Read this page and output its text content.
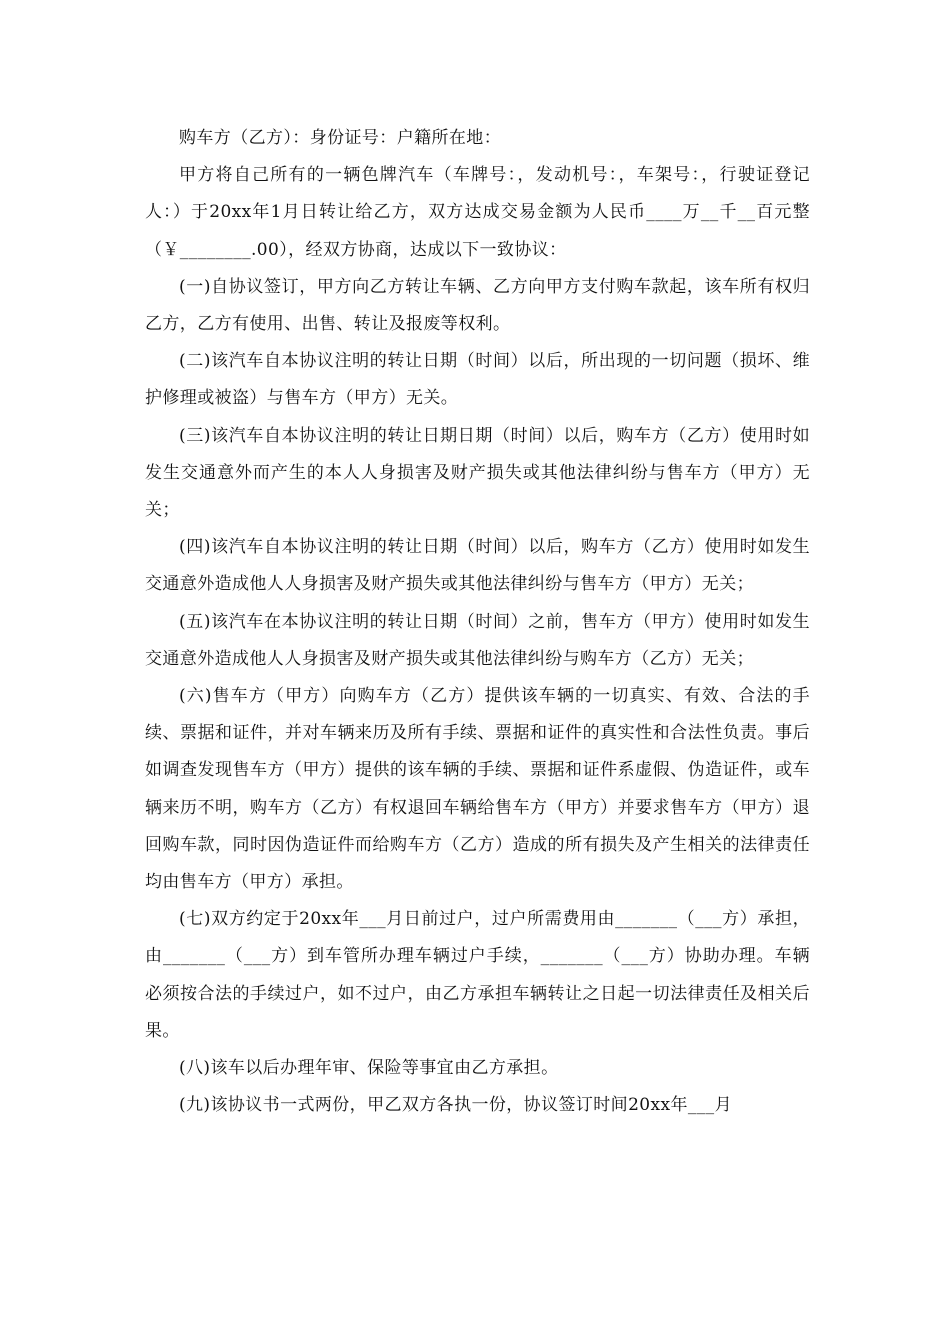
购车方（乙方）：身份证号：户籍所在地：

甲方将自己所有的一辆色牌汽车（车牌号：，发动机号：，车架号：，行驶证登记人：）于20xx年1月日转让给乙方，双方达成交易金额为人民币____万__千__百元整（￥________.00），经双方协商，达成以下一致协议：

(一)自协议签订，甲方向乙方转让车辆、乙方向甲方支付购车款起，该车所有权归乙方，乙方有使用、出售、转让及报废等权利。

(二)该汽车自本协议注明的转让日期（时间）以后，所出现的一切问题（损坏、维护修理或被盗）与售车方（甲方）无关。

(三)该汽车自本协议注明的转让日期日期（时间）以后，购车方（乙方）使用时如发生交通意外而产生的本人人身损害及财产损失或其他法律纠纷与售车方（甲方）无关；

(四)该汽车自本协议注明的转让日期（时间）以后，购车方（乙方）使用时如发生交通意外造成他人人身损害及财产损失或其他法律纠纷与售车方（甲方）无关；

(五)该汽车在本协议注明的转让日期（时间）之前，售车方（甲方）使用时如发生交通意外造成他人人身损害及财产损失或其他法律纠纷与购车方（乙方）无关；

(六)售车方（甲方）向购车方（乙方）提供该车辆的一切真实、有效、合法的手续、票据和证件，并对车辆来历及所有手续、票据和证件的真实性和合法性负责。事后如调查发现售车方（甲方）提供的该车辆的手续、票据和证件系虚假、伪造证件，或车辆来历不明，购车方（乙方）有权退回车辆给售车方（甲方）并要求售车方（甲方）退回购车款，同时因伪造证件而给购车方（乙方）造成的所有损失及产生相关的法律责任均由售车方（甲方）承担。

(七)双方约定于20xx年___月日前过户，过户所需费用由_______（___方）承担，由_______（___方）到车管所办理车辆过户手续，_______（___方）协助办理。车辆必须按合法的手续过户，如不过户，由乙方承担车辆转让之日起一切法律责任及相关后果。

(八)该车以后办理年审、保险等事宜由乙方承担。

(九)该协议书一式两份，甲乙双方各执一份，协议签订时间20xx年___月
